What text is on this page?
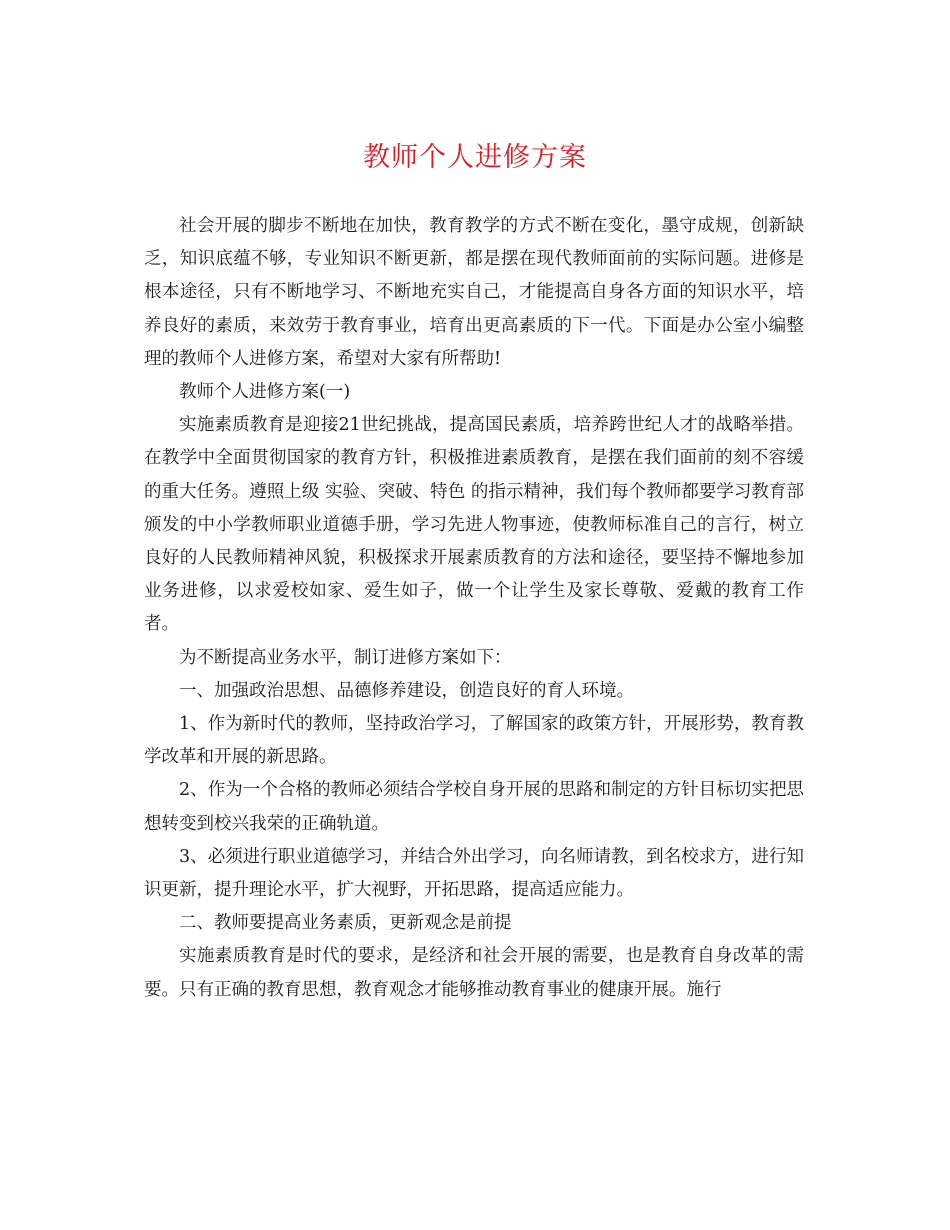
教师个人进修方案

社会开展的脚步不断地在加快，教育教学的方式不断在变化，墨守成规，创新缺乏，知识底蕴不够，专业知识不断更新，都是摆在现代教师面前的实际问题。进修是根本途径，只有不断地学习、不断地充实自己，才能提高自身各方面的知识水平，培养良好的素质，来效劳于教育事业，培育出更高素质的下一代。下面是办公室小编整理的教师个人进修方案，希望对大家有所帮助!

教师个人进修方案(一)

实施素质教育是迎接21世纪挑战，提高国民素质，培养跨世纪人才的战略举措。在教学中全面贯彻国家的教育方针，积极推进素质教育，是摆在我们面前的刻不容缓的重大任务。遵照上级 实验、突破、特色 的指示精神，我们每个教师都要学习教育部颁发的中小学教师职业道德手册，学习先进人物事迹，使教师标准自己的言行，树立良好的人民教师精神风貌，积极探求开展素质教育的方法和途径，要坚持不懈地参加业务进修，以求爱校如家、爱生如子，做一个让学生及家长尊敬、爱戴的教育工作者。

为不断提高业务水平，制订进修方案如下：

一、加强政治思想、品德修养建设，创造良好的育人环境。

1、作为新时代的教师，坚持政治学习，了解国家的政策方针，开展形势，教育教学改革和开展的新思路。

2、作为一个合格的教师必须结合学校自身开展的思路和制定的方针目标切实把思想转变到校兴我荣的正确轨道。

3、必须进行职业道德学习，并结合外出学习，向名师请教，到名校求方，进行知识更新，提升理论水平，扩大视野，开拓思路，提高适应能力。

二、教师要提高业务素质，更新观念是前提

实施素质教育是时代的要求，是经济和社会开展的需要，也是教育自身改革的需要。只有正确的教育思想，教育观念才能够推动教育事业的健康开展。施行
